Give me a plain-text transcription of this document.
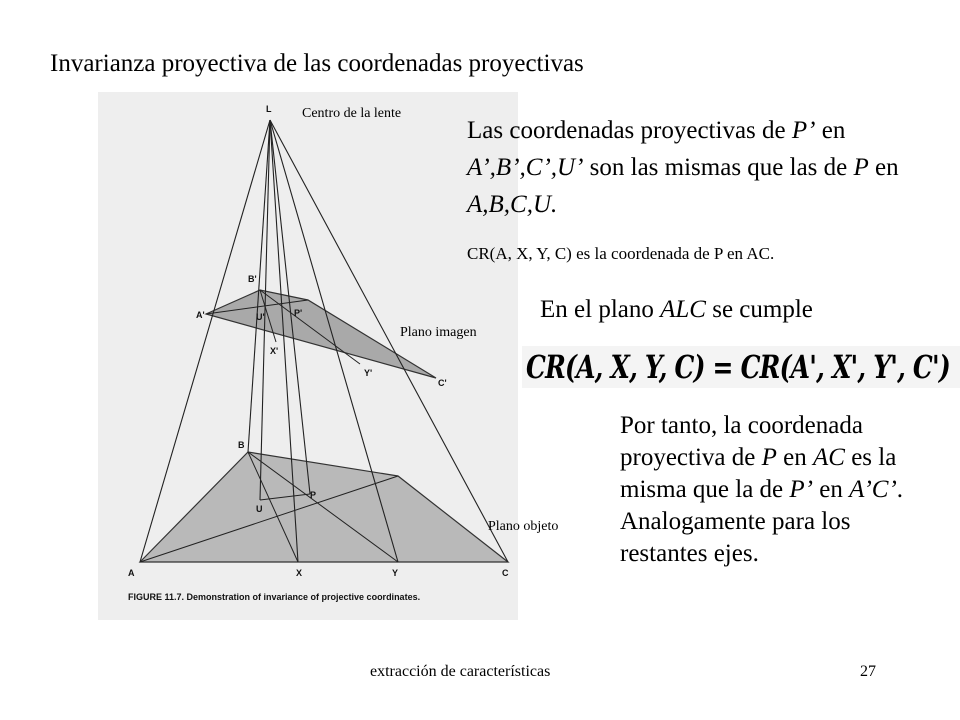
Invarianza proyectiva de las coordenadas proyectivas
L
A'
B'
U'	P'
X'
Y'
C'
B
U
P
A	X	Y	C
FIGURE 11.7. Demonstration of invariance of projective coordinates.
Centro de la lente
Plano imagen
Plano objeto
Las coordenadas proyectivas de P’ en A’,B’,C’,U’ son las mismas que las de P en A,B,C,U.
CR(A, X, Y, C) es la coordenada de P en AC.
En el plano ALC se cumple
CR(A, X, Y, C) = CR(A', X', Y', C')
Por tanto, la coordenada proyectiva de P en AC es la misma que la de P’ en A’C’. Analogamente para los restantes ejes.
extracción de características	27
